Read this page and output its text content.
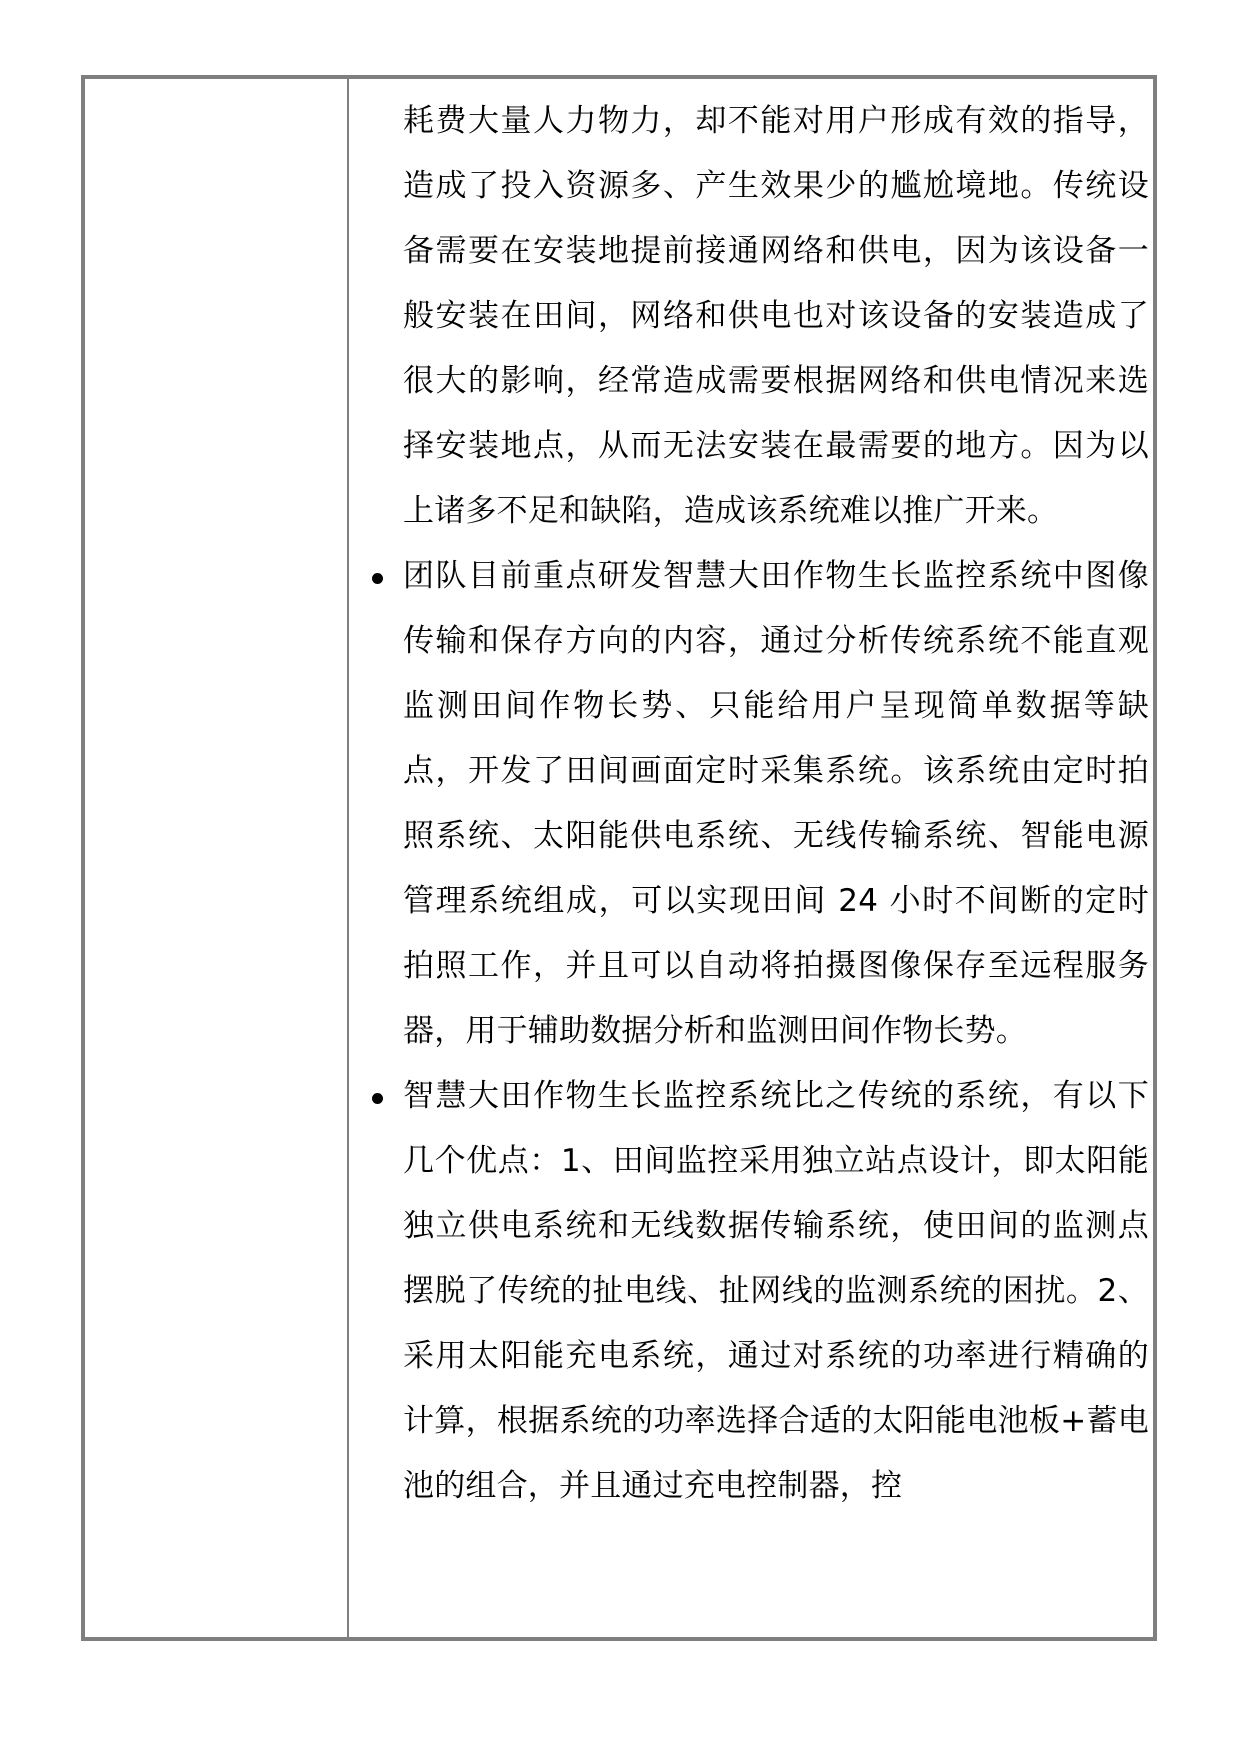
耗费大量人力物力，却不能对用户形成有效的指导，造成了投入资源多、产生效果少的尴尬境地。传统设备需要在安装地提前接通网络和供电，因为该设备一般安装在田间，网络和供电也对该设备的安装造成了很大的影响，经常造成需要根据网络和供电情况来选择安装地点，从而无法安装在最需要的地方。因为以上诸多不足和缺陷，造成该系统难以推广开来。

团队目前重点研发智慧大田作物生长监控系统中图像传输和保存方向的内容，通过分析传统系统不能直观监测田间作物长势、只能给用户呈现简单数据等缺点，开发了田间画面定时采集系统。该系统由定时拍照系统、太阳能供电系统、无线传输系统、智能电源管理系统组成，可以实现田间 24 小时不间断的定时拍照工作，并且可以自动将拍摄图像保存至远程服务器，用于辅助数据分析和监测田间作物长势。
智慧大田作物生长监控系统比之传统的系统，有以下几个优点：1、田间监控采用独立站点设计，即太阳能独立供电系统和无线数据传输系统，使田间的监测点摆脱了传统的扯电线、扯网线的监测系统的困扰。2、采用太阳能充电系统，通过对系统的功率进行精确的计算，根据系统的功率选择合适的太阳能电池板+蓄电池的组合，并且通过充电控制器，控
